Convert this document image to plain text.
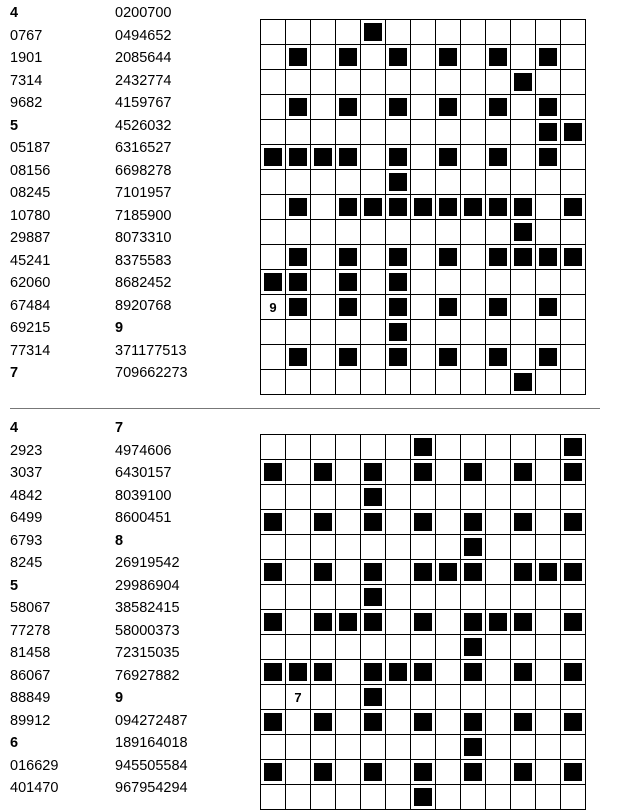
4
0767
1901
7314
9682
5
05187
08156
08245
10780
29887
45241
62060
67484
69215
77314
7
0200700
0494652
2085644
2432774
4159767
4526032
6316527
6698278
7101957
7185900
8073310
8375583
8682452
8920768
9
371177513
709662273
9
4
2923
3037
4842
6499
6793
8245
5
58067
77278
81458
86067
88849
89912
6
016629
401470
7
4974606
6430157
8039100
8600451
8
26919542
29986904
38582415
58000373
72315035
76927882
9
094272487
189164018
945505584
967954294
7
